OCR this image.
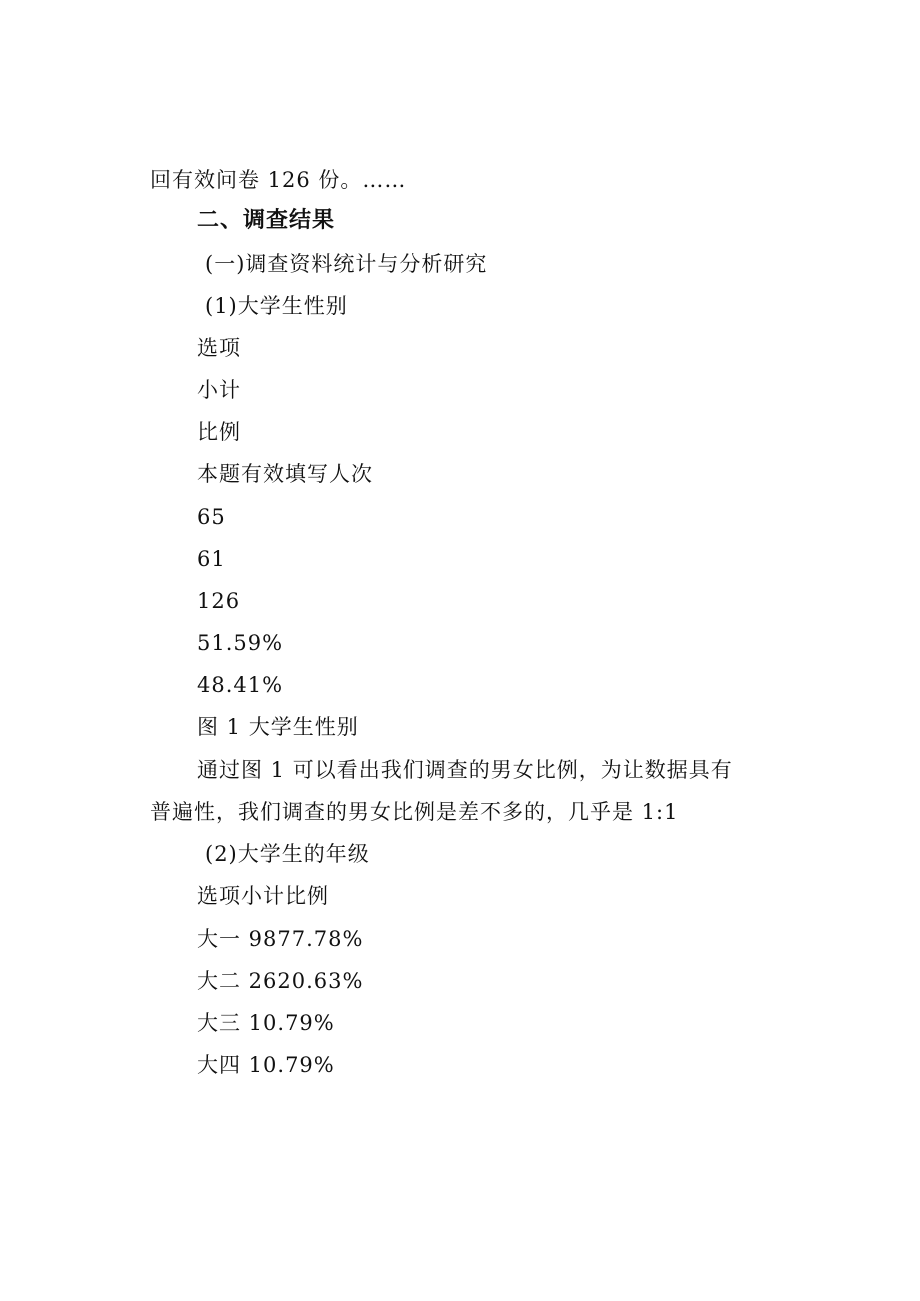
回有效问卷 126 份。……
二、调查结果
(一)调查资料统计与分析研究
(1)大学生性别
选项
小计
比例
本题有效填写人次
65
61
126
51.59%
48.41%
图 1 大学生性别
通过图 1 可以看出我们调查的男女比例，为让数据具有
普遍性，我们调查的男女比例是差不多的，几乎是 1:1
(2)大学生的年级
选项小计比例
大一 9877.78%
大二 2620.63%
大三 10.79%
大四 10.79%
